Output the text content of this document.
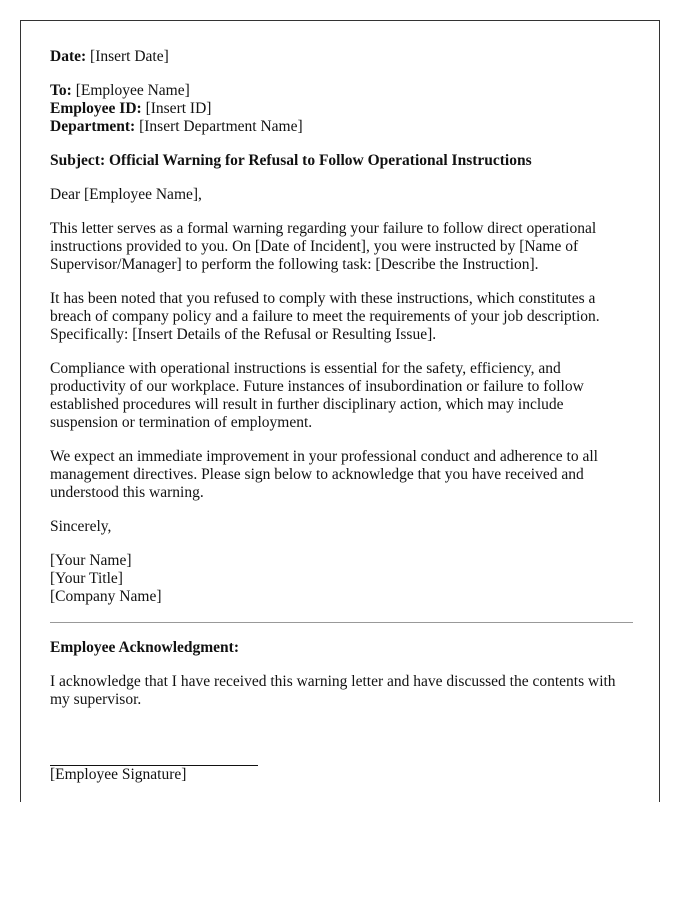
Date: [Insert Date]

To: [Employee Name]
Employee ID: [Insert ID]
Department: [Insert Department Name]

Subject: Official Warning for Refusal to Follow Operational Instructions

Dear [Employee Name],

This letter serves as a formal warning regarding your failure to follow direct operational instructions provided to you. On [Date of Incident], you were instructed by [Name of Supervisor/Manager] to perform the following task: [Describe the Instruction].

It has been noted that you refused to comply with these instructions, which constitutes a breach of company policy and a failure to meet the requirements of your job description. Specifically: [Insert Details of the Refusal or Resulting Issue].

Compliance with operational instructions is essential for the safety, efficiency, and productivity of our workplace. Future instances of insubordination or failure to follow established procedures will result in further disciplinary action, which may include suspension or termination of employment.

We expect an immediate improvement in your professional conduct and adherence to all management directives. Please sign below to acknowledge that you have received and understood this warning.

Sincerely,

[Your Name]
[Your Title]
[Company Name]

Employee Acknowledgment:

I acknowledge that I have received this warning letter and have discussed the contents with my supervisor.

[Employee Signature]
